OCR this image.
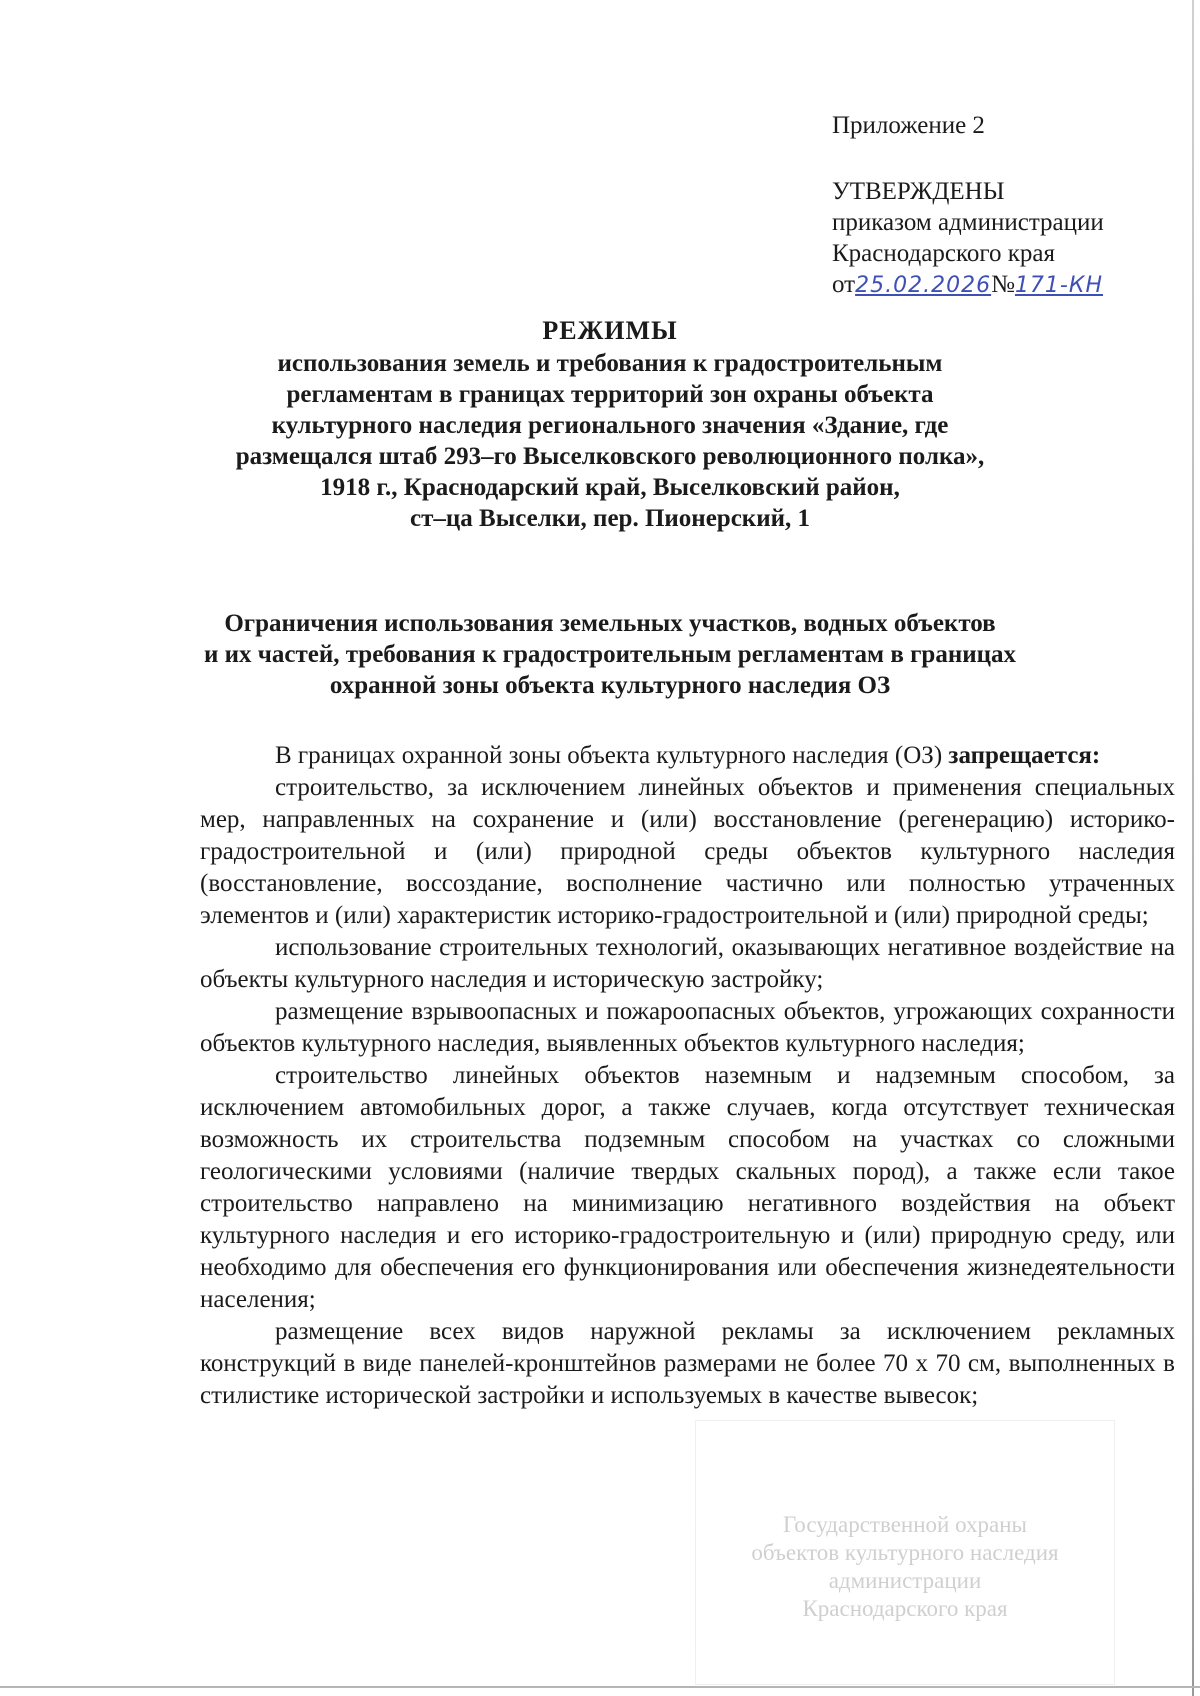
Приложение 2
УТВЕРЖДЕНЫ
приказом администрации
Краснодарского края
от25.02.2026№171-КН
РЕЖИМЫ
использования земель и требования к градостроительным
регламентам в границах территорий зон охраны объекта
культурного наследия регионального значения «Здание, где
размещался штаб 293–го Выселковского революционного полка»,
1918 г., Краснодарский край, Выселковский район,
ст–ца Выселки, пер. Пионерский, 1
Ограничения использования земельных участков, водных объектов
и их частей, требования к градостроительным регламентам в границах
охранной зоны объекта культурного наследия ОЗ

В границах охранной зоны объекта культурного наследия (ОЗ) запрещается:

строительство, за исключением линейных объектов и применения специальных мер, направленных на сохранение и (или) восстановление (регенерацию) историко-градостроительной и (или) природной среды объектов культурного наследия (восстановление, воссоздание, восполнение частично или полностью утраченных элементов и (или) характеристик историко-градостроительной и (или) природной среды;

использование строительных технологий, оказывающих негативное воздействие на объекты культурного наследия и историческую застройку;

размещение взрывоопасных и пожароопасных объектов, угрожающих сохранности объектов культурного наследия, выявленных объектов культурного наследия;

строительство линейных объектов наземным и надземным способом, за исключением автомобильных дорог, а также случаев, когда отсутствует техническая возможность их строительства подземным способом на участках со сложными геологическими условиями (наличие твердых скальных пород), а также если такое строительство направлено на минимизацию негативного воздействия на объект культурного наследия и его историко-градостроительную и (или) природную среду, или необходимо для обеспечения его функционирования или обеспечения жизнедеятельности населения;

размещение всех видов наружной рекламы за исключением рекламных конструкций в виде панелей-кронштейнов размерами не более 70 х 70 см, выполненных в стилистике исторической застройки и используемых в качестве вывесок;

Государственной охраны
объектов культурного наследия
администрации
Краснодарского края
